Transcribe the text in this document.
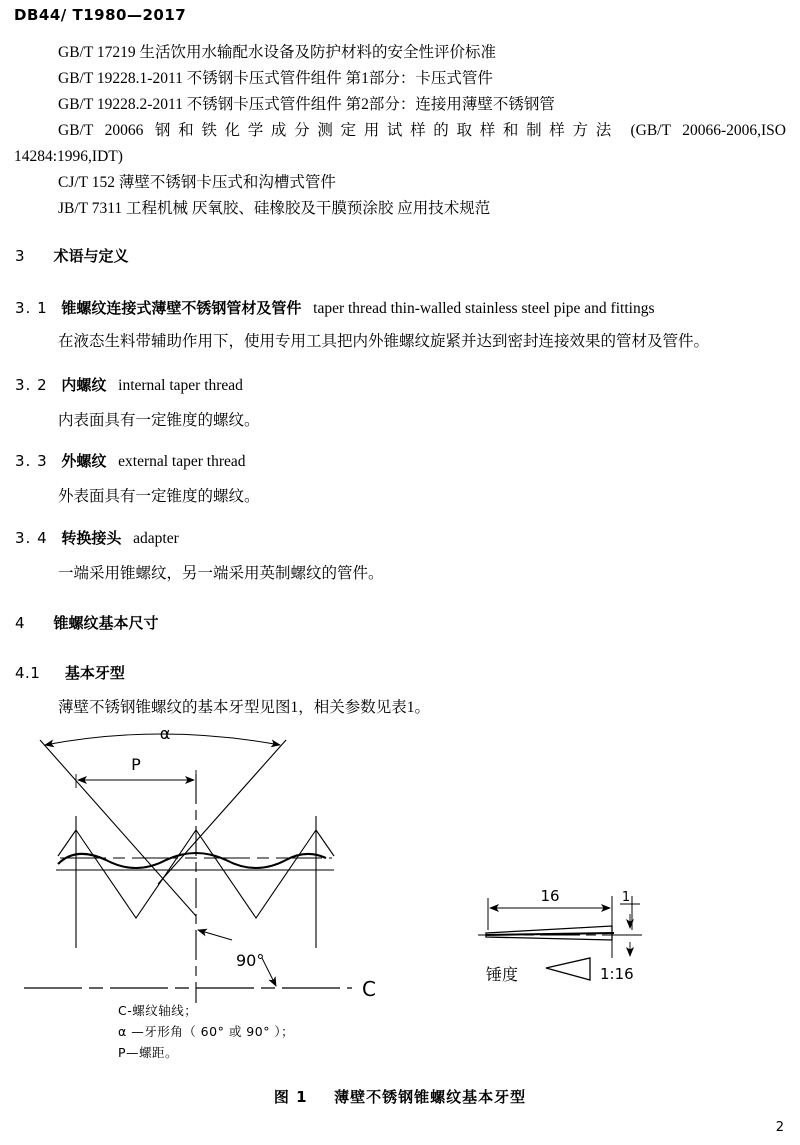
DB44/ T1980—2017
GB/T 17219 生活饮用水输配水设备及防护材料的安全性评价标准
GB/T 19228.1-2011 不锈钢卡压式管件组件 第1部分：卡压式管件
GB/T 19228.2-2011 不锈钢卡压式管件组件 第2部分：连接用薄壁不锈钢管
GB/T 20066 钢和铁化学成分测定用试样的取样和制样方法 (GB/T 20066-2006,ISO
14284:1996,IDT)
CJ/T 152 薄壁不锈钢卡压式和沟槽式管件
JB/T 7311 工程机械 厌氧胶、硅橡胶及干膜预涂胶 应用技术规范
3 术语与定义
3. 1 锥螺纹连接式薄壁不锈钢管材及管件 taper thread thin-walled stainless steel pipe and fittings
在液态生料带辅助作用下，使用专用工具把内外锥螺纹旋紧并达到密封连接效果的管材及管件。
3. 2 内螺纹 internal taper thread
内表面具有一定锥度的螺纹。
3. 3 外螺纹 external taper thread
外表面具有一定锥度的螺纹。
3. 4 转换接头 adapter
一端采用锥螺纹，另一端采用英制螺纹的管件。
4 锥螺纹基本尺寸
4.1 基本牙型
薄壁不锈钢锥螺纹的基本牙型见图1，相关参数见表1。
α
P
90°
C
16	1
锤度	1:16
C-螺纹轴线；
α —牙形角（ 60° 或 90° ）；
P—螺距。
图 1 薄壁不锈钢锥螺纹基本牙型
2
